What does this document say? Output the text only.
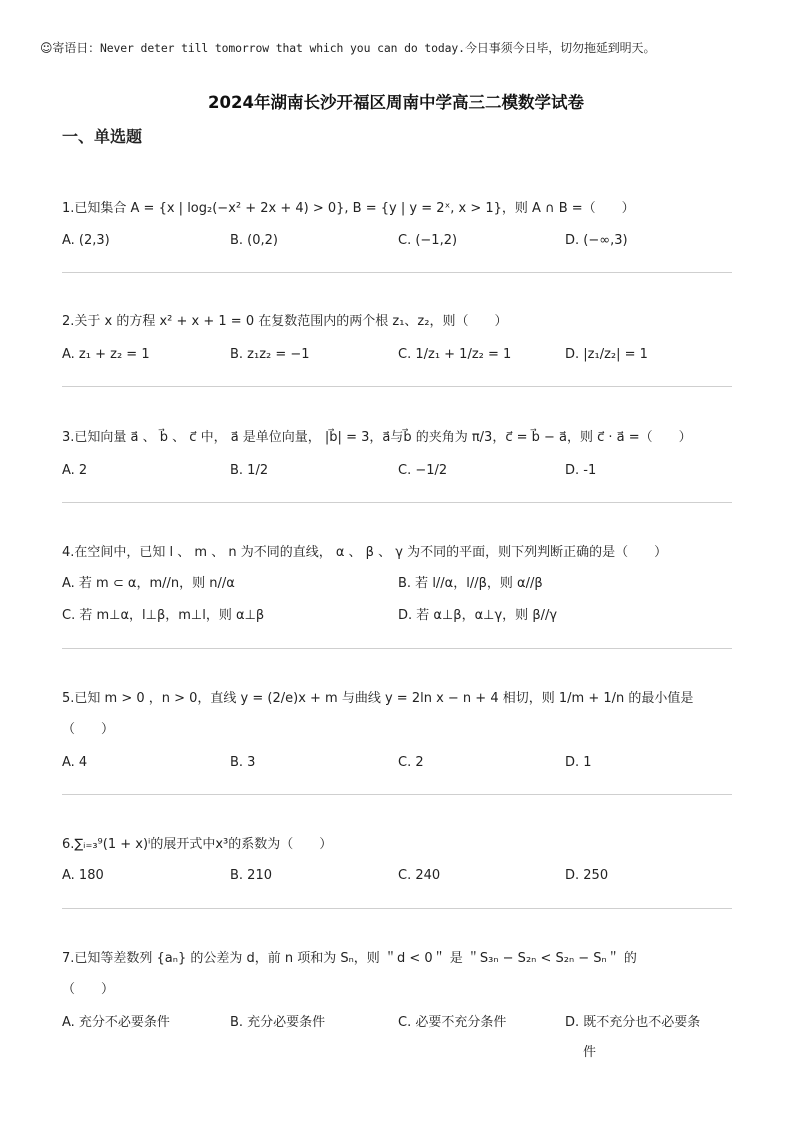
☺寄语日：Never deter till tomorrow that which you can do today.今日事须今日毕，切勿拖延到明天。
2024年湖南长沙开福区周南中学高三二模数学试卷
一、单选题
1.已知集合 A = {x | log₂(−x² + 2x + 4) > 0}, B = {y | y = 2ˣ, x > 1}，则 A ∩ B =（　　）
A. (2,3)	B. (0,2)	C. (−1,2)	D. (−∞,3)
2.关于 x 的方程 x² + x + 1 = 0 在复数范围内的两个根 z₁、z₂，则（　　）
A. z₁ + z₂ = 1	B. z₁z₂ = −1	C. 1/z₁ + 1/z₂ = 1	D. |z₁/z₂| = 1
3.已知向量 a⃗ 、 b⃗ 、 c⃗ 中， a⃗ 是单位向量， |b⃗| = 3，a⃗与b⃗ 的夹角为 π/3，c⃗ = b⃗ − a⃗，则 c⃗ · a⃗ =（　　）
A. 2	B. 1/2	C. −1/2	D. -1
4.在空间中，已知 l 、 m 、 n 为不同的直线， α 、 β 、 γ 为不同的平面，则下列判断正确的是（　　）
A. 若 m ⊂ α，m//n，则 n//α	B. 若 l//α，l//β，则 α//β
C. 若 m⊥α，l⊥β，m⊥l，则 α⊥β	D. 若 α⊥β，α⊥γ，则 β//γ
5.已知 m > 0 ，n > 0，直线 y = (2/e)x + m 与曲线 y = 2ln x − n + 4 相切，则 1/m + 1/n 的最小值是
（　　）
A. 4	B. 3	C. 2	D. 1
6.∑ᵢ₌₃⁹(1 + x)ⁱ的展开式中x³的系数为（　　）
A. 180	B. 210	C. 240	D. 250
7.已知等差数列 {aₙ} 的公差为 d，前 n 项和为 Sₙ，则 ＂d < 0＂ 是 ＂S₃ₙ − S₂ₙ < S₂ₙ − Sₙ＂ 的
（　　）
A. 充分不必要条件	B. 充分必要条件	C. 必要不充分条件	D. 既不充分也不必要条
件
